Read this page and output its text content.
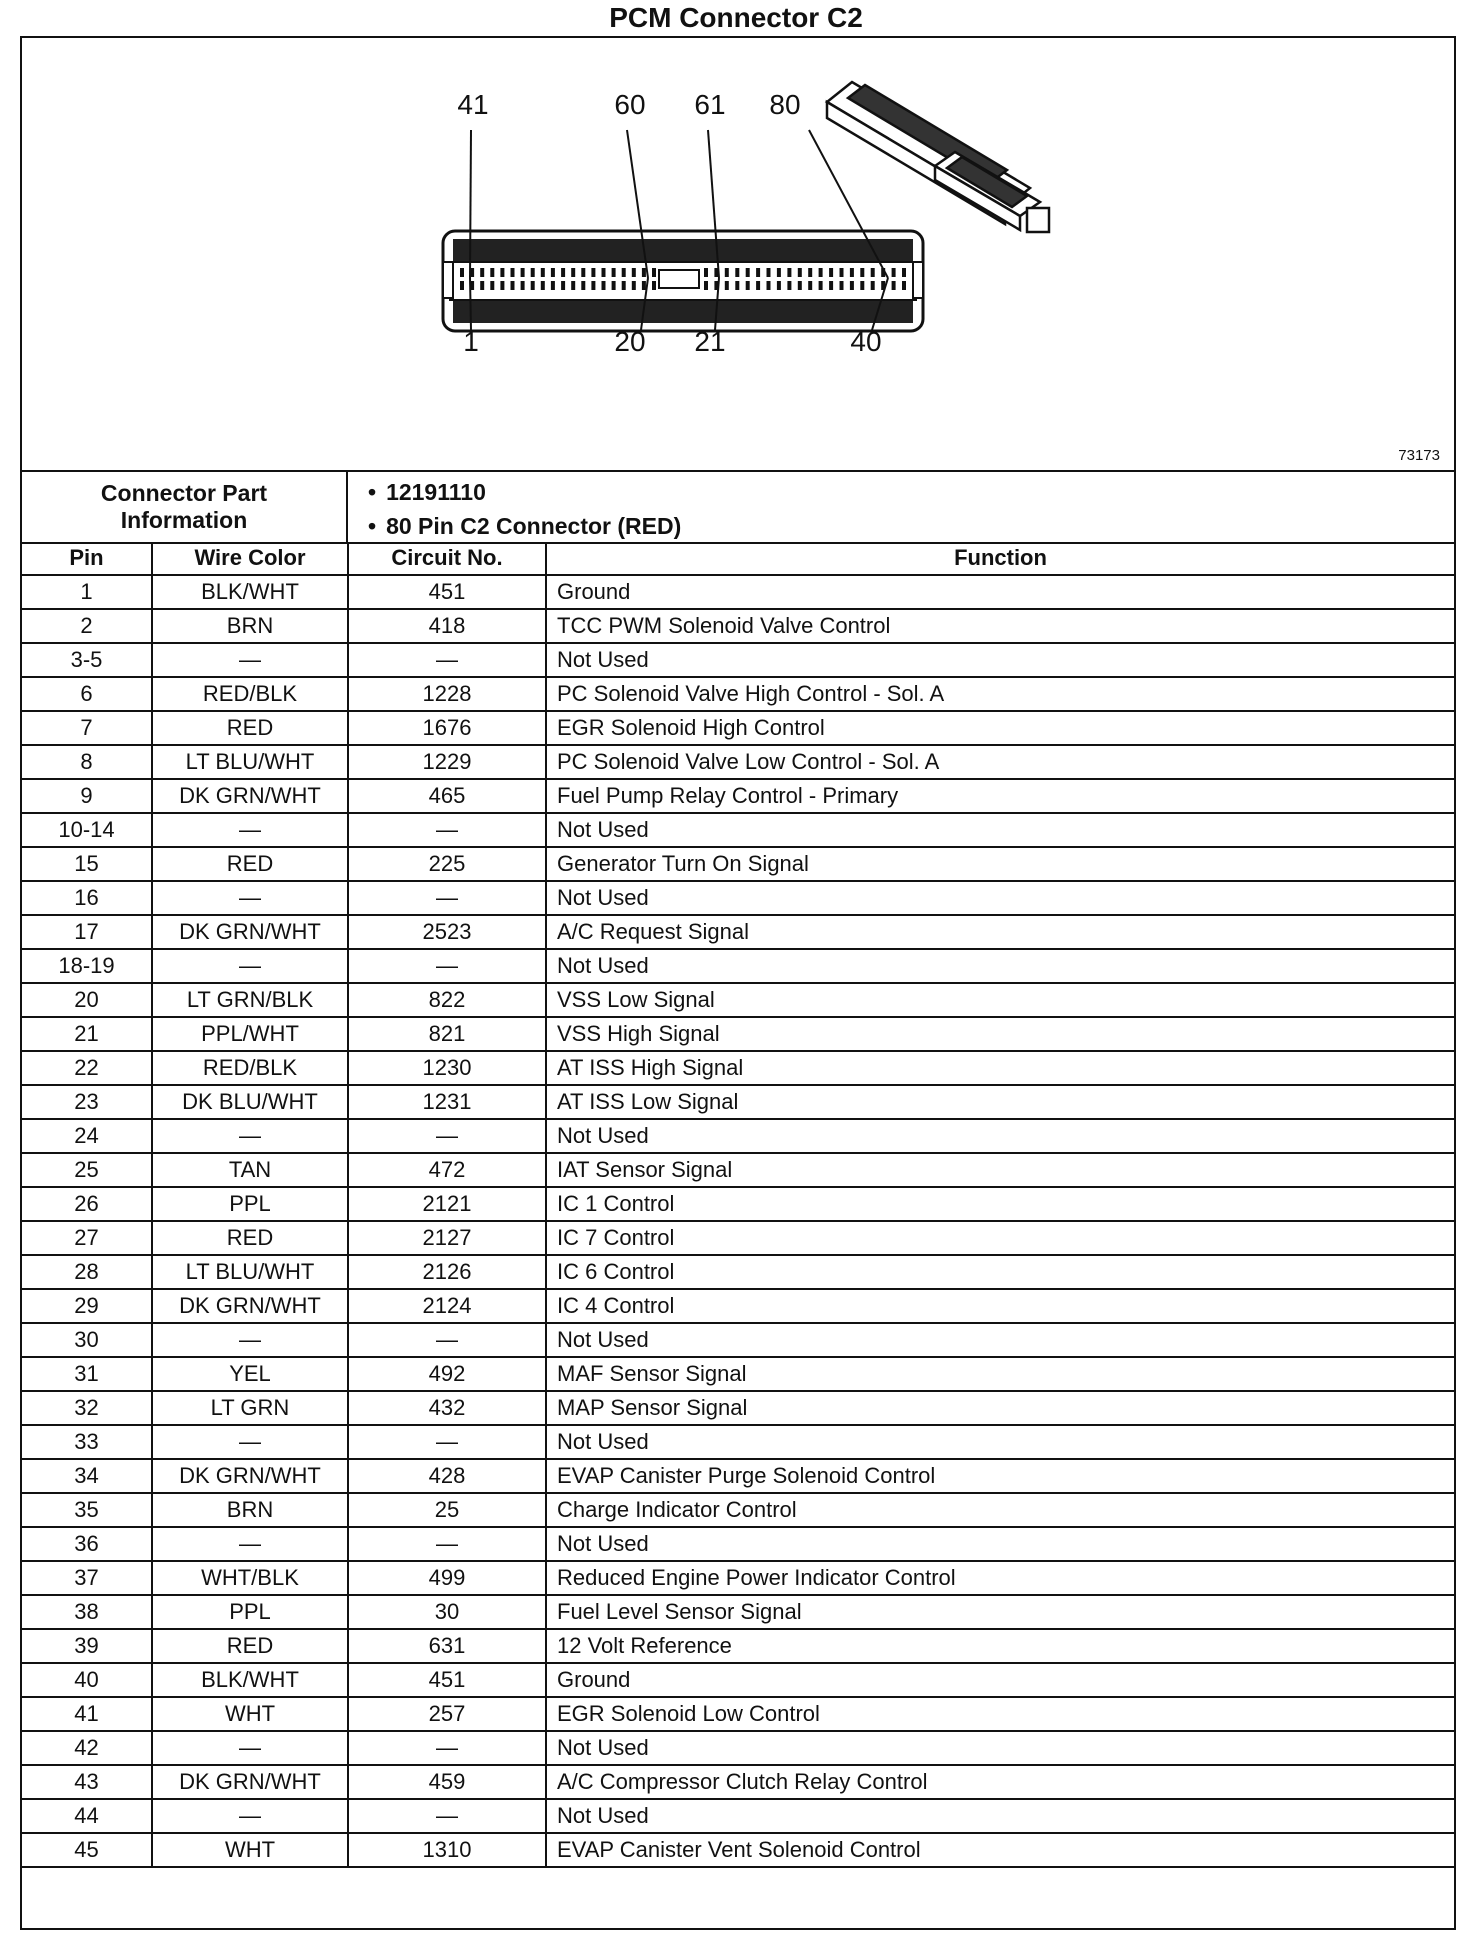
PCM Connector C2
41	60 61 80
1	20 21	40
73173
Connector Part Information
• 12191110
• 80 Pin C2 Connector (RED)
Pin	Wire Color	Circuit No.	Function
1	BLK/WHT	451	Ground
2	BRN	418	TCC PWM Solenoid Valve Control
3-5	—	—	Not Used
6	RED/BLK	1228	PC Solenoid Valve High Control - Sol. A
7	RED	1676	EGR Solenoid High Control
8	LT BLU/WHT	1229	PC Solenoid Valve Low Control - Sol. A
9	DK GRN/WHT	465	Fuel Pump Relay Control - Primary
10-14	—	—	Not Used
15	RED	225	Generator Turn On Signal
16	—	—	Not Used
17	DK GRN/WHT	2523	A/C Request Signal
18-19	—	—	Not Used
20	LT GRN/BLK	822	VSS Low Signal
21	PPL/WHT	821	VSS High Signal
22	RED/BLK	1230	AT ISS High Signal
23	DK BLU/WHT	1231	AT ISS Low Signal
24	—	—	Not Used
25	TAN	472	IAT Sensor Signal
26	PPL	2121	IC 1 Control
27	RED	2127	IC 7 Control
28	LT BLU/WHT	2126	IC 6 Control
29	DK GRN/WHT	2124	IC 4 Control
30	—	—	Not Used
31	YEL	492	MAF Sensor Signal
32	LT GRN	432	MAP Sensor Signal
33	—	—	Not Used
34	DK GRN/WHT	428	EVAP Canister Purge Solenoid Control
35	BRN	25	Charge Indicator Control
36	—	—	Not Used
37	WHT/BLK	499	Reduced Engine Power Indicator Control
38	PPL	30	Fuel Level Sensor Signal
39	RED	631	12 Volt Reference
40	BLK/WHT	451	Ground
41	WHT	257	EGR Solenoid Low Control
42	—	—	Not Used
43	DK GRN/WHT	459	A/C Compressor Clutch Relay Control
44	—	—	Not Used
45	WHT	1310	EVAP Canister Vent Solenoid Control
